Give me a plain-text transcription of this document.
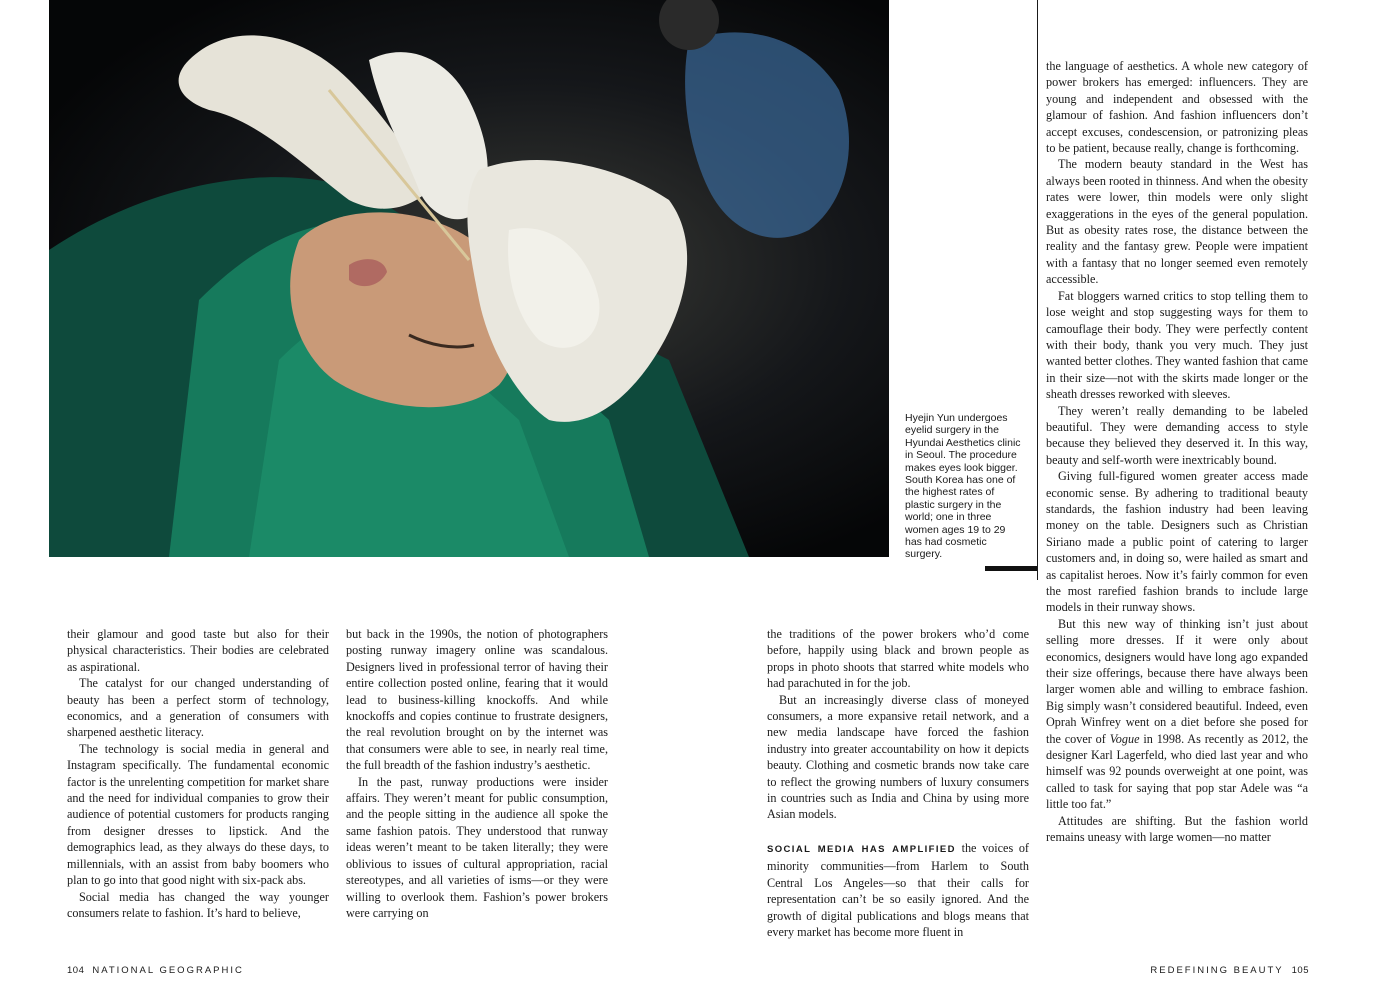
Hyejin Yun undergoes eyelid surgery in the Hyundai Aesthetics clinic in Seoul. The procedure makes eyes look bigger. South Korea has one of the highest rates of plastic surgery in the world; one in three women ages 19 to 29 has had cosmetic surgery.

their glamour and good taste but also for their physical characteristics. Their bodies are celebrated as aspirational.

The catalyst for our changed understanding of beauty has been a perfect storm of technology, economics, and a generation of consumers with sharpened aesthetic literacy.

The technology is social media in general and Instagram specifically. The fundamental economic factor is the unrelenting competition for market share and the need for individual companies to grow their audience of potential customers for products ranging from designer dresses to lipstick. And the demographics lead, as they always do these days, to millennials, with an assist from baby boomers who plan to go into that good night with six-pack abs.

Social media has changed the way younger consumers relate to fashion. It’s hard to believe,

but back in the 1990s, the notion of photographers posting runway imagery online was scandalous. Designers lived in professional terror of having their entire collection posted online, fearing that it would lead to business-killing knockoffs. And while knockoffs and copies continue to frustrate designers, the real revolution brought on by the internet was that consumers were able to see, in nearly real time, the full breadth of the fashion industry’s aesthetic.

In the past, runway productions were insider affairs. They weren’t meant for public consumption, and the people sitting in the audience all spoke the same fashion patois. They understood that runway ideas weren’t meant to be taken literally; they were oblivious to issues of cultural appropriation, racial stereotypes, and all varieties of isms—or they were willing to overlook them. Fashion’s power brokers were carrying on

the traditions of the power brokers who’d come before, happily using black and brown people as props in photo shoots that starred white models who had parachuted in for the job.

But an increasingly diverse class of moneyed consumers, a more expansive retail network, and a new media landscape have forced the fashion industry into greater accountability on how it depicts beauty. Clothing and cosmetic brands now take care to reflect the growing numbers of luxury consumers in countries such as India and China by using more Asian models.

SOCIAL MEDIA HAS AMPLIFIED the voices of minority communities—from Harlem to South Central Los Angeles—so that their calls for representation can’t be so easily ignored. And the growth of digital publications and blogs means that every market has become more fluent in

the language of aesthetics. A whole new category of power brokers has emerged: influencers. They are young and independent and obsessed with the glamour of fashion. And fashion influencers don’t accept excuses, condescension, or patronizing pleas to be patient, because really, change is forthcoming.

The modern beauty standard in the West has always been rooted in thinness. And when the obesity rates were lower, thin models were only slight exaggerations in the eyes of the general population. But as obesity rates rose, the distance between the reality and the fantasy grew. People were impatient with a fantasy that no longer seemed even remotely accessible.

Fat bloggers warned critics to stop telling them to lose weight and stop suggesting ways for them to camouflage their body. They were perfectly content with their body, thank you very much. They just wanted better clothes. They wanted fashion that came in their size—not with the skirts made longer or the sheath dresses reworked with sleeves.

They weren’t really demanding to be labeled beautiful. They were demanding access to style because they believed they deserved it. In this way, beauty and self-worth were inextricably bound.

Giving full-figured women greater access made economic sense. By adhering to traditional beauty standards, the fashion industry had been leaving money on the table. Designers such as Christian Siriano made a public point of catering to larger customers and, in doing so, were hailed as smart and as capitalist heroes. Now it’s fairly common for even the most rarefied fashion brands to include large models in their runway shows.

But this new way of thinking isn’t just about selling more dresses. If it were only about economics, designers would have long ago expanded their size offerings, because there have always been larger women able and willing to embrace fashion. Big simply wasn’t considered beautiful. Indeed, even Oprah Winfrey went on a diet before she posed for the cover of Vogue in 1998. As recently as 2012, the designer Karl Lagerfeld, who died last year and who himself was 92 pounds overweight at one point, was called to task for saying that pop star Adele was “a little too fat.”

Attitudes are shifting. But the fashion world remains uneasy with large women—no matter

104 NATIONAL GEOGRAPHIC	REDEFINING BEAUTY 105
